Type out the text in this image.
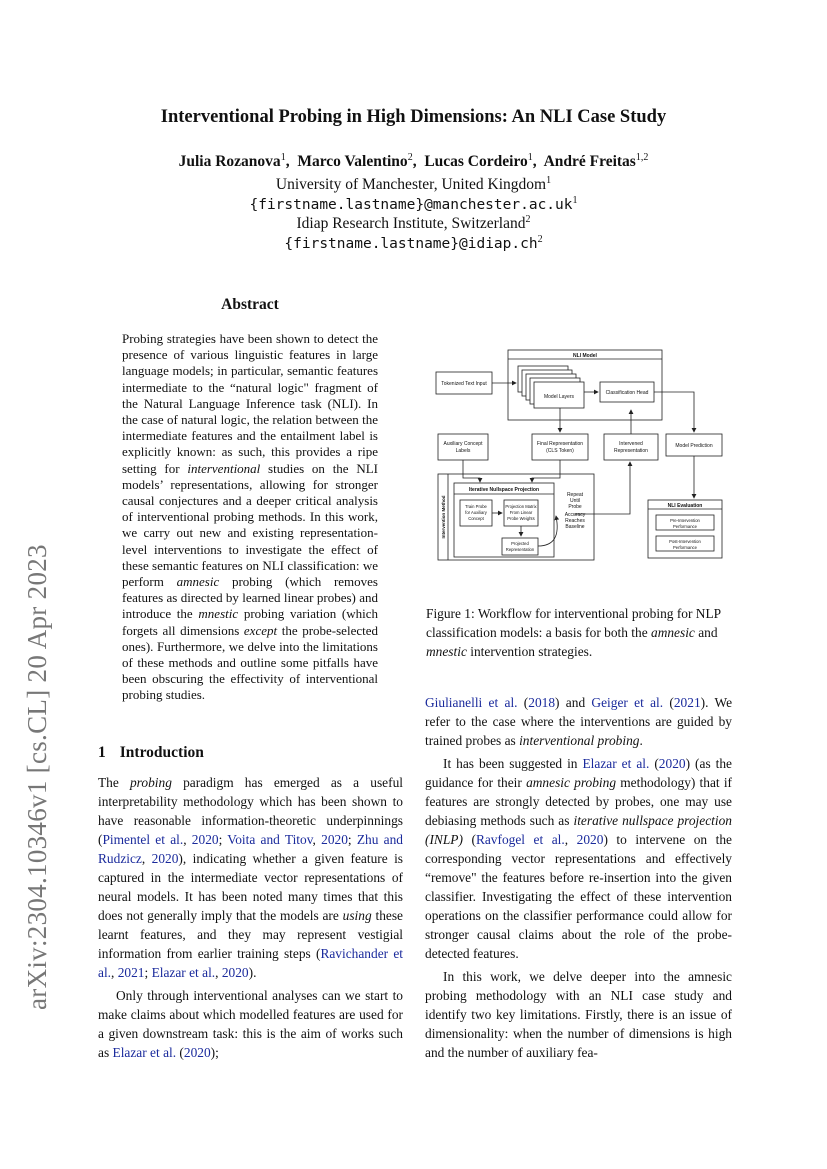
arXiv:2304.10346v1 [cs.CL] 20 Apr 2023
Interventional Probing in High Dimensions: An NLI Case Study
Julia Rozanova$^1$,  Marco Valentino$^2$,  Lucas Cordeiro$^1$,  André Freitas$^{1,2}$
University of Manchester, United Kingdom$^1$
$\{firstname.lastname\}@manchester.ac.uk^1$
Idiap Research Institute, Switzerland$^2$
$\{firstname.lastname\}@idiap.ch^2$
Abstract
Probing strategies have been shown to detect the presence of various linguistic features in large language models; in particular, semantic features intermediate to the “natural logic" fragment of the Natural Language Inference task (NLI). In the case of natural logic, the relation between the intermediate features and the entailment label is explicitly known: as such, this provides a ripe setting for interventional studies on the NLI models’ representations, allowing for stronger causal conjectures and a deeper critical analysis of interventional probing methods. In this work, we carry out new and existing representation-level interventions to investigate the effect of these semantic features on NLI classification: we perform amnesic probing (which removes features as directed by learned linear probes) and introduce the mnestic probing variation (which forgets all dimensions except the probe-selected ones). Furthermore, we delve into the limitations of these methods and outline some pitfalls have been obscuring the effectivity of interventional probing studies.
1 Introduction

The probing paradigm has emerged as a useful interpretability methodology which has been shown to have reasonable information-theoretic underpinnings (Pimentel et al., 2020; Voita and Titov, 2020; Zhu and Rudzicz, 2020), indicating whether a given feature is captured in the intermediate vector representations of neural models. It has been noted many times that this does not generally imply that the models are using these learnt features, and they may represent vestigial information from earlier training steps (Ravichander et al., 2021; Elazar et al., 2020).

Only through interventional analyses can we start to make claims about which modelled features are used for a given downstream task: this is the aim of works such as Elazar et al. (2020);

NLI Model
Tokenized Text Input
Model Layers
Classification Head
Auxiliary Concept
Labels
Final Representation
(CLS Token)
Intervened
Representation
Model Prediction
Iterative Nullspace Projection
Intervention Method	Train Probe
for Auxiliary
Concept
Projection Matrix
From Linear
Probe Weights
Projected
Representation
Repeat
Until
Probe
Accuracy
Reaches
Baseline
NLI Evaluation
Pre-Intervention
Performance
Post-Intervention
Performance
Figure 1: Workflow for interventional probing for NLP classification models: a basis for both the amnesic and mnestic intervention strategies.

Giulianelli et al. (2018) and Geiger et al. (2021). We refer to the case where the interventions are guided by trained probes as interventional probing.

It has been suggested in Elazar et al. (2020) (as the guidance for their amnesic probing methodology) that if features are strongly detected by probes, one may use debiasing methods such as iterative nullspace projection (INLP) (Ravfogel et al., 2020) to intervene on the corresponding vector representations and effectively “remove" the features before re-insertion into the given classifier. Investigating the effect of these intervention operations on the classifier performance could allow for stronger causal claims about the role of the probe-detected features.

In this work, we delve deeper into the amnesic probing methodology with an NLI case study and identify two key limitations. Firstly, there is an issue of dimensionality: when the number of dimensions is high and the number of auxiliary fea-
